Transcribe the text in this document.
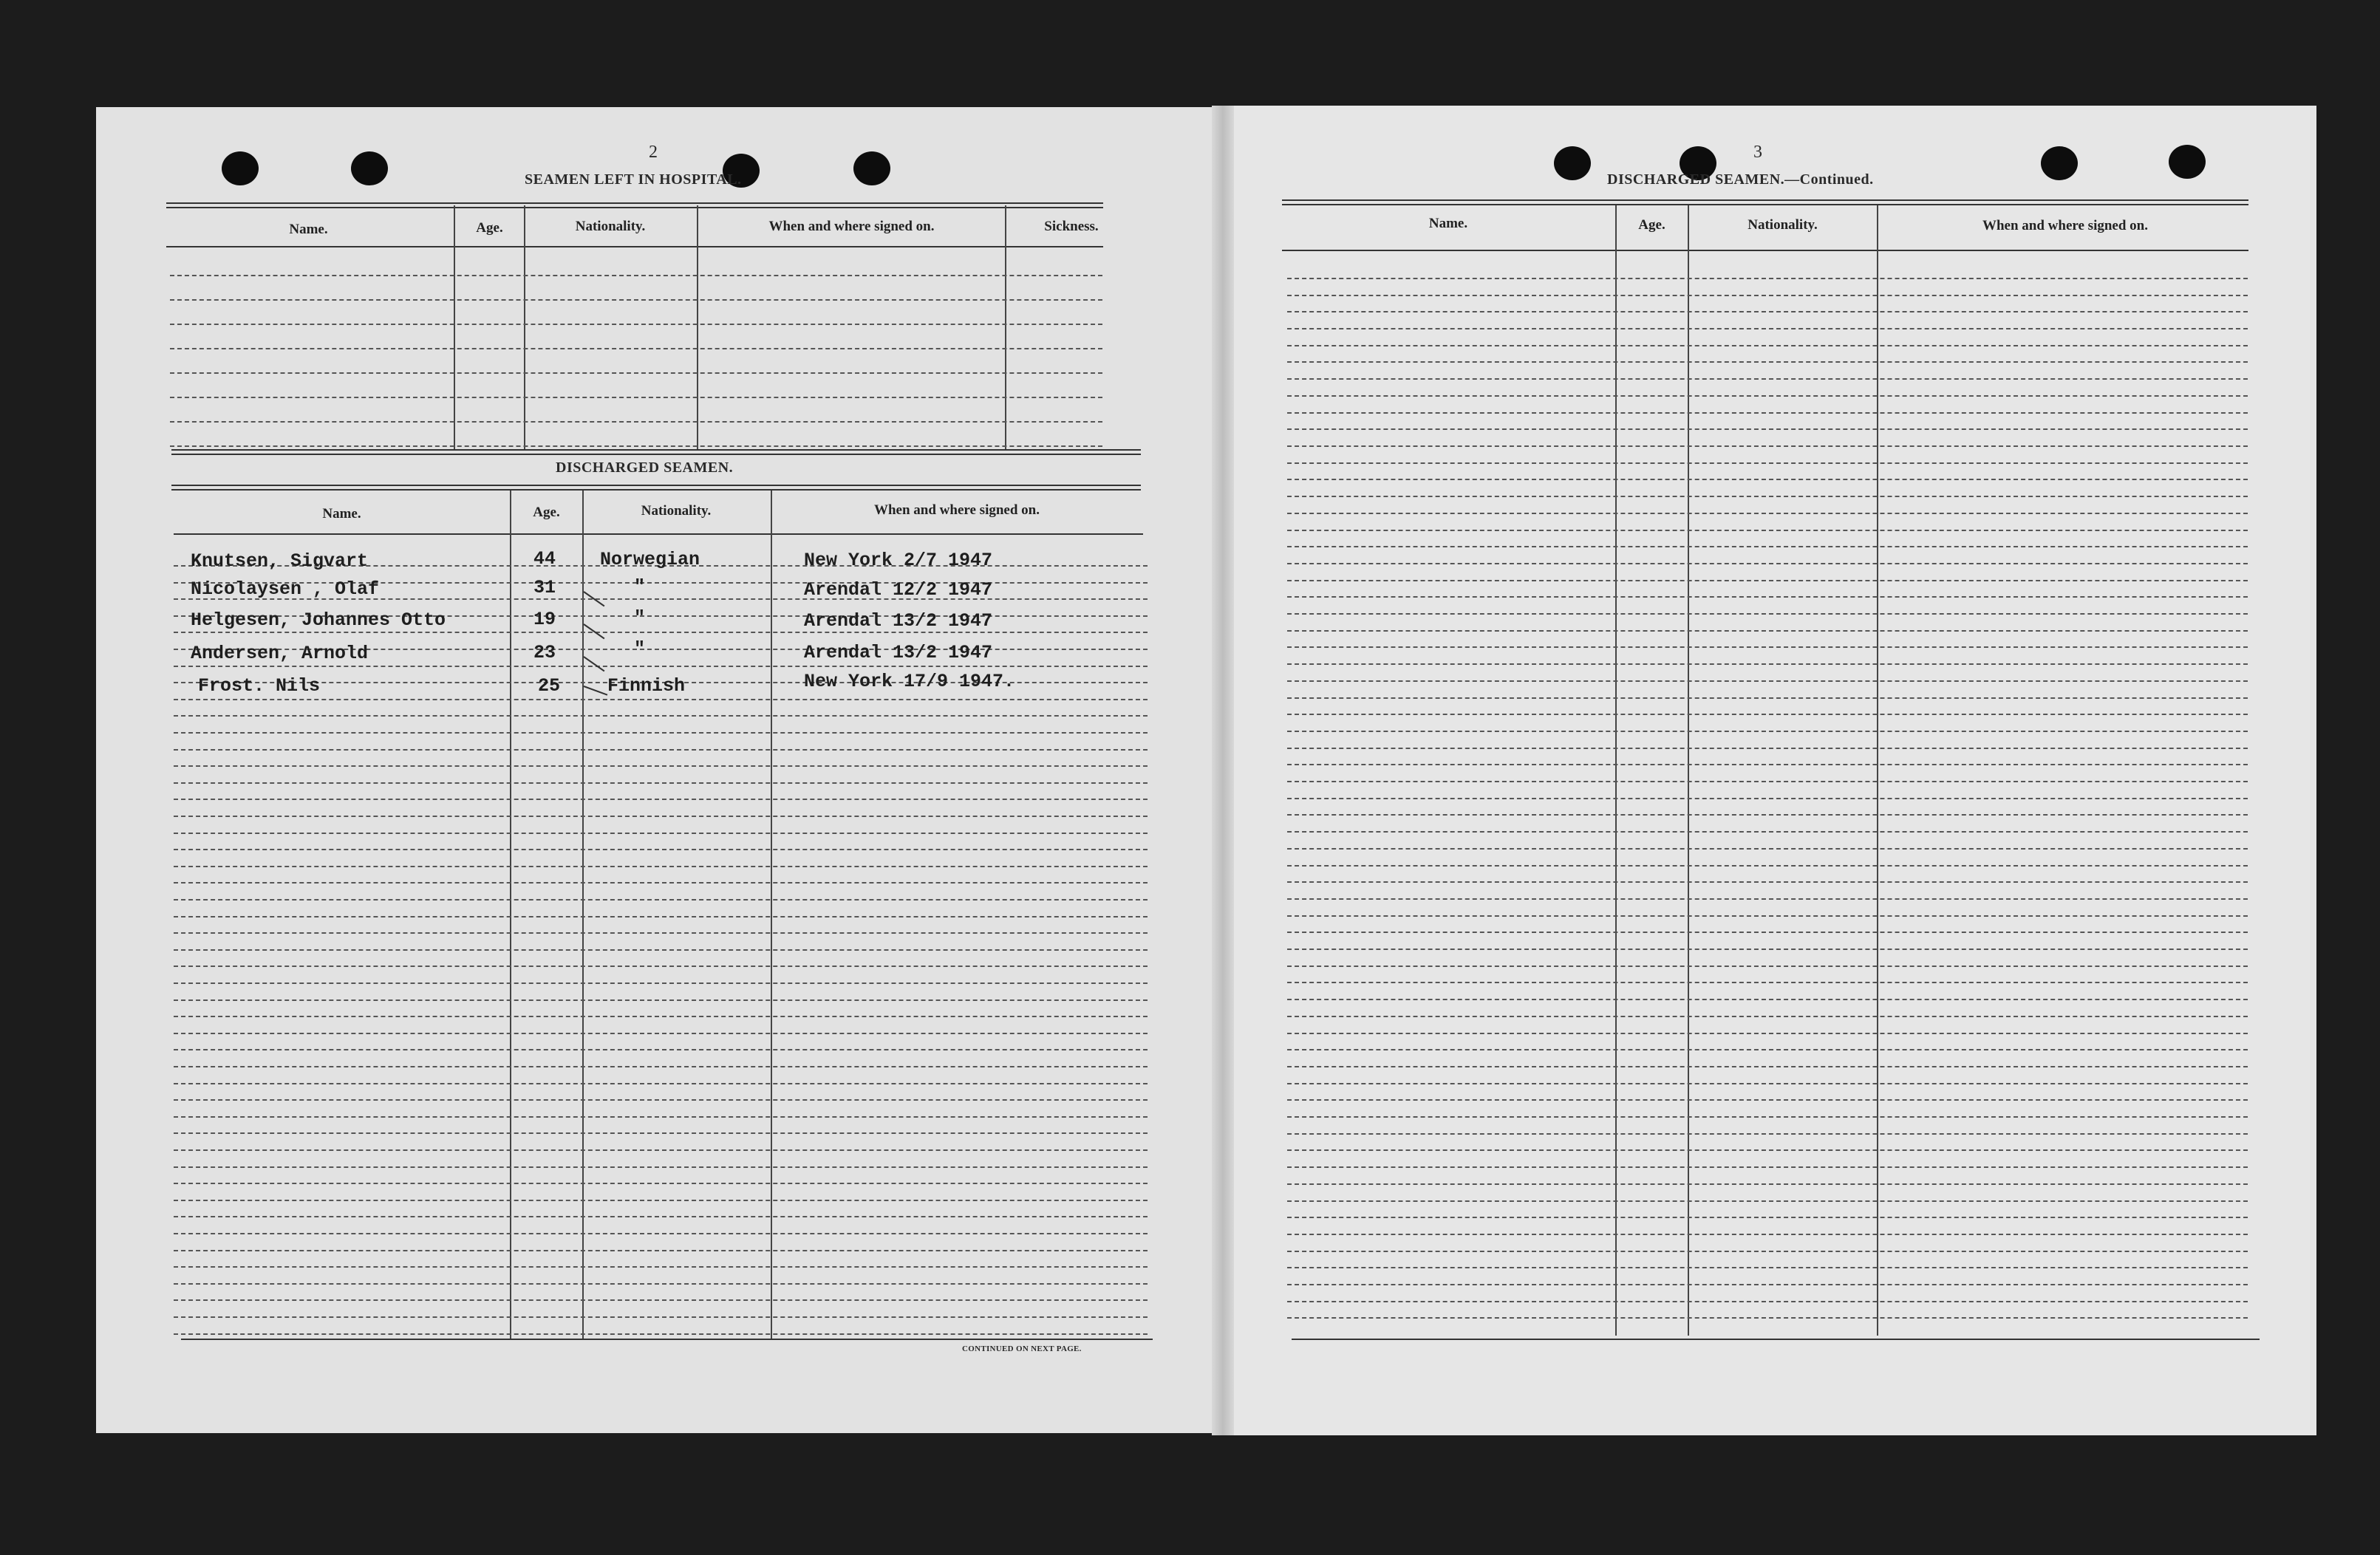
2
SEAMEN LEFT IN HOSPITAL.
Name.	Age.	Nationality.	When and where signed on.	Sickness.
DISCHARGED SEAMEN.
Name.	Age.	Nationality.	When and where signed on.
Knutsen, Sigvart	44 Norwegian	New York 2/7 1947
Nicolaysen , Olaf	31	"	Arendal 12/2 1947
Helgesen, Johannes Otto	19	"	Arendal 13/2 1947
Andersen, Arnold	23	"	Arendal 13/2 1947
Frost. Nils	25	Finnish	New York 17/9 1947.
CONTINUED ON NEXT PAGE.
3
DISCHARGED SEAMEN.—Continued.
Name.	Age.	Nationality.	When and where signed on.
